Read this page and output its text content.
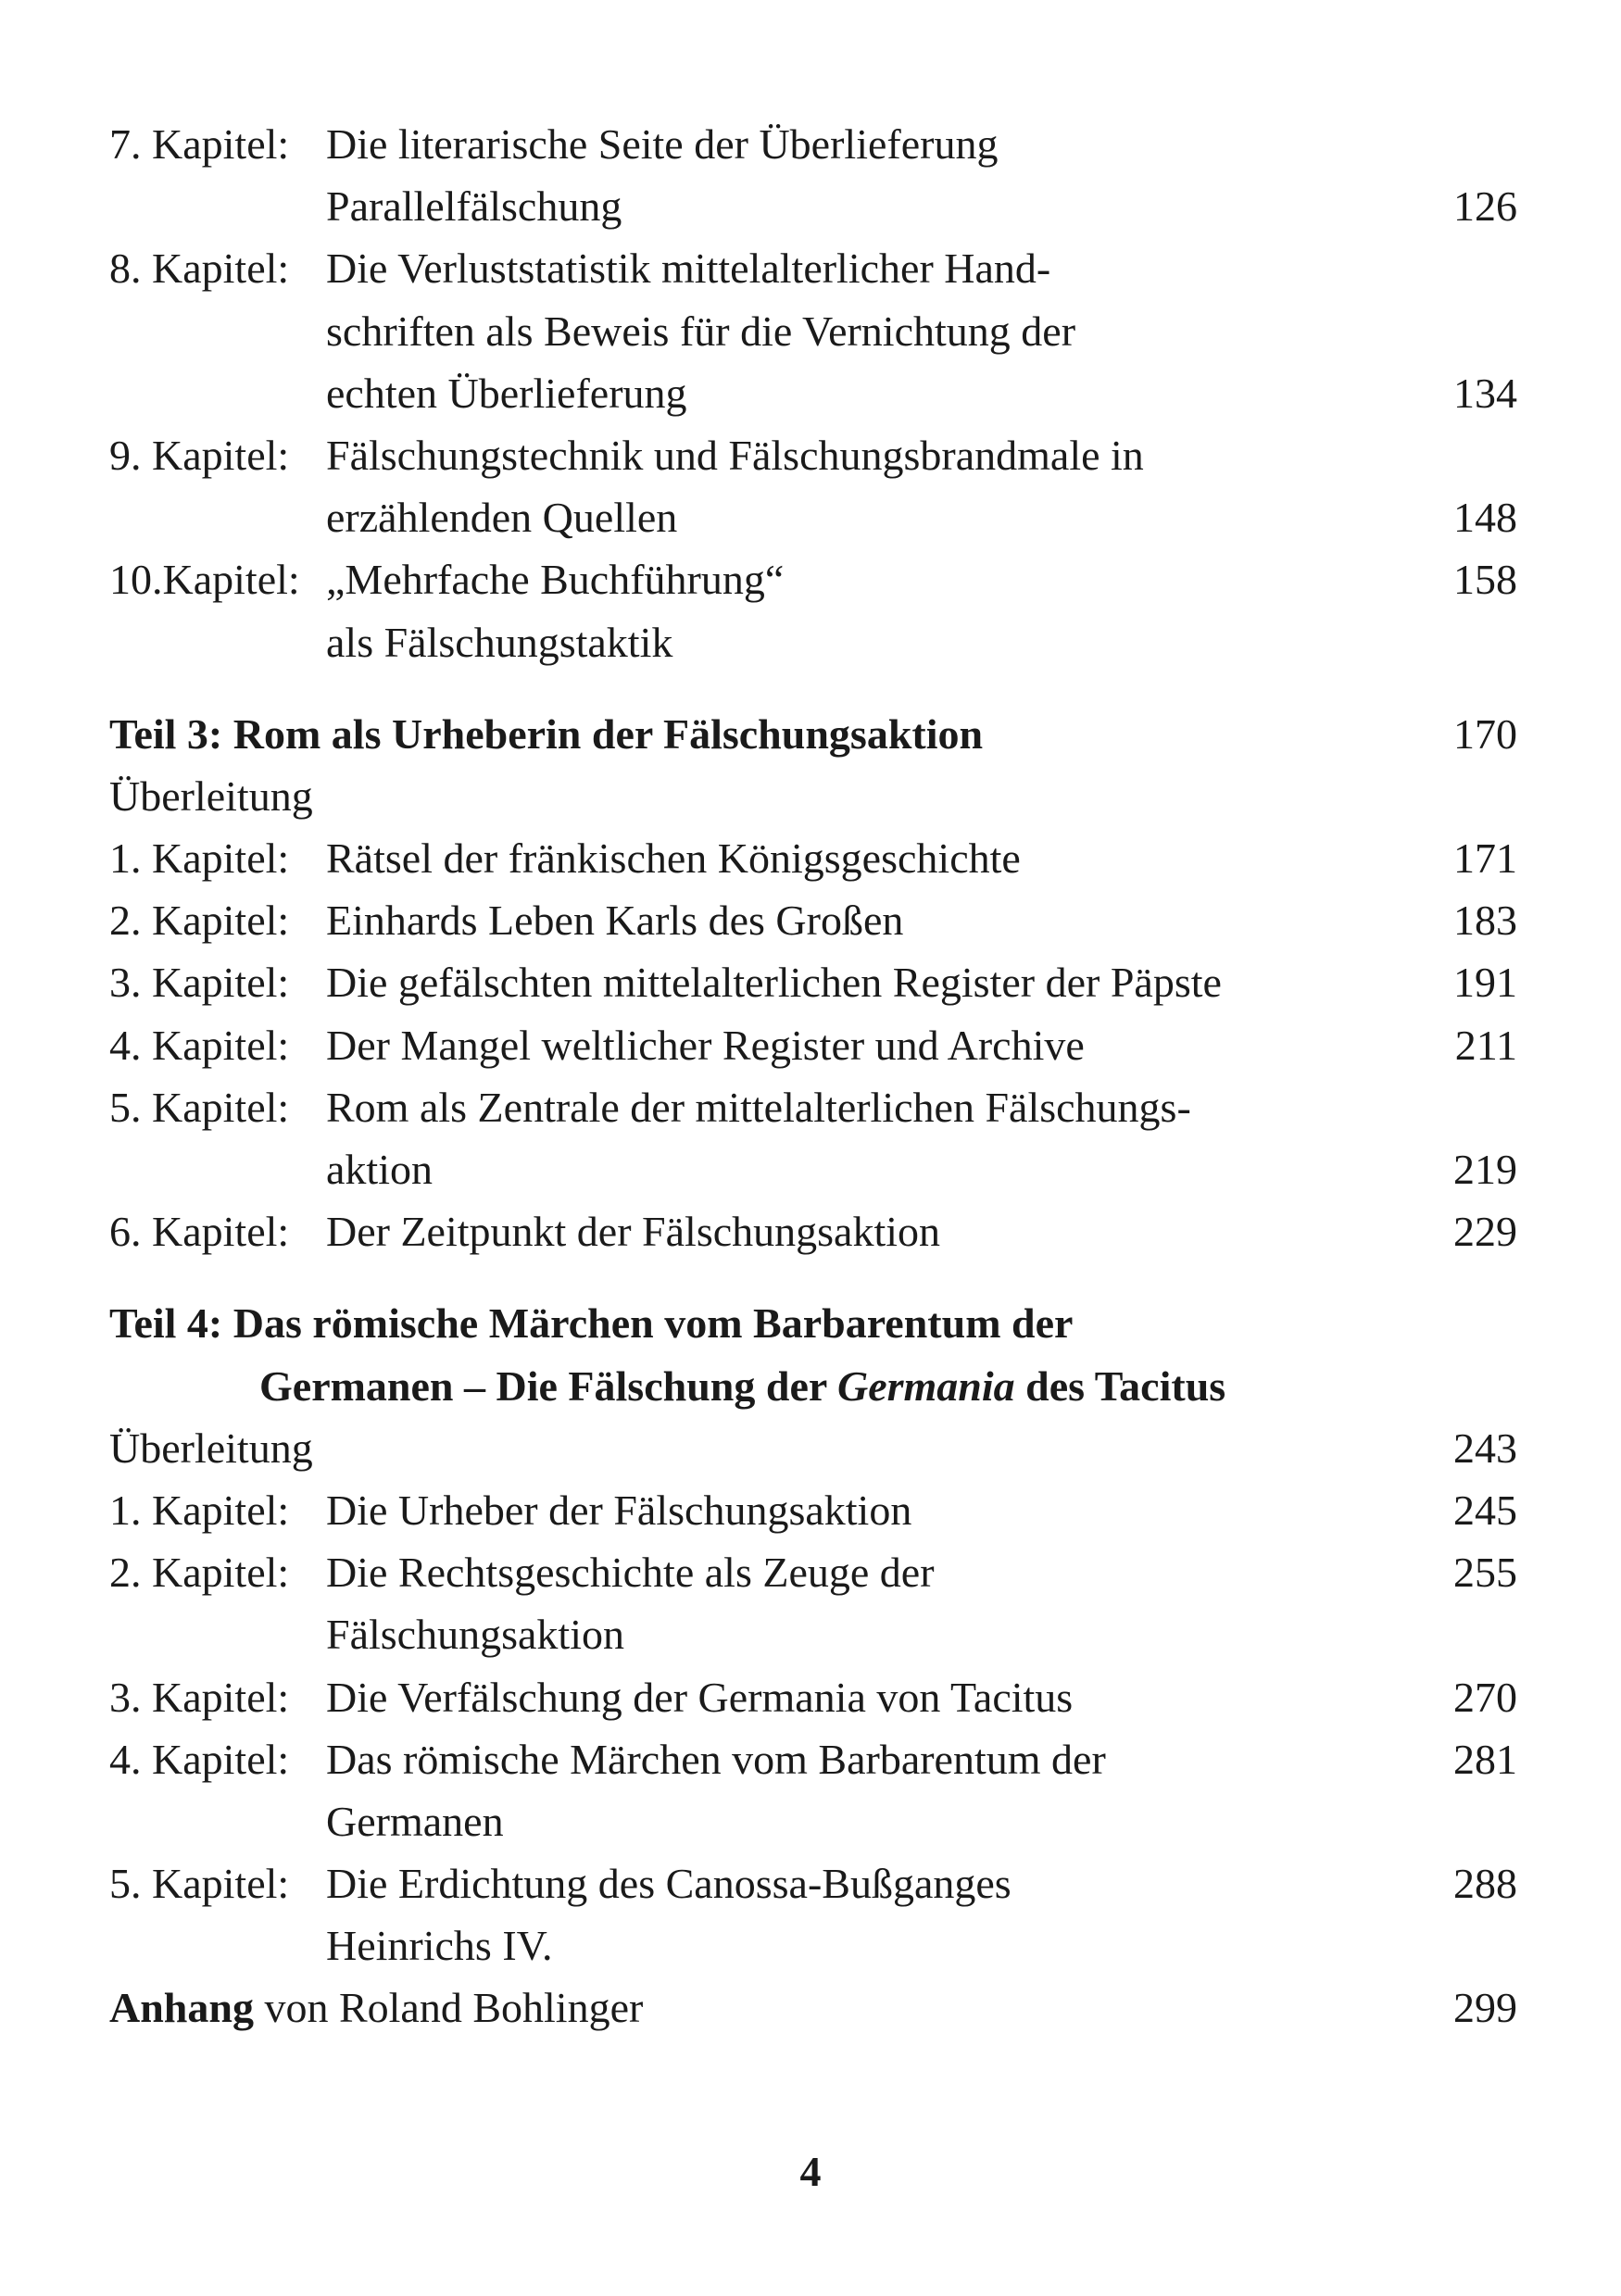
7. Kapitel: Die literarische Seite der Überlieferung
Parallelfälschung	126
8. Kapitel: Die Verluststatistik mittelalterlicher Hand-
schriften als Beweis für die Vernichtung der
echten Überlieferung	134
9. Kapitel: Fälschungstechnik und Fälschungsbrandmale in
erzählenden Quellen	148
10.Kapitel: „Mehrfache Buchführung“	158
als Fälschungstaktik
Teil 3: Rom als Urheberin der Fälschungsaktion	170
Überleitung
1. Kapitel: Rätsel der fränkischen Königsgeschichte	171
2. Kapitel: Einhards Leben Karls des Großen	183
3. Kapitel: Die gefälschten mittelalterlichen Register der Päpste	191
4. Kapitel: Der Mangel weltlicher Register und Archive	211
5. Kapitel: Rom als Zentrale der mittelalterlichen Fälschungs-
aktion	219
6. Kapitel: Der Zeitpunkt der Fälschungsaktion	229
Teil 4: Das römische Märchen vom Barbarentum der
Germanen – Die Fälschung der Germania des Tacitus
Überleitung	243
1. Kapitel: Die Urheber der Fälschungsaktion	245
2. Kapitel: Die Rechtsgeschichte als Zeuge der	255
Fälschungsaktion
3. Kapitel: Die Verfälschung der Germania von Tacitus	270
4. Kapitel: Das römische Märchen vom Barbarentum der	281
Germanen
5. Kapitel: Die Erdichtung des Canossa-Bußganges	288
Heinrichs IV.
Anhang von Roland Bohlinger	299
4
